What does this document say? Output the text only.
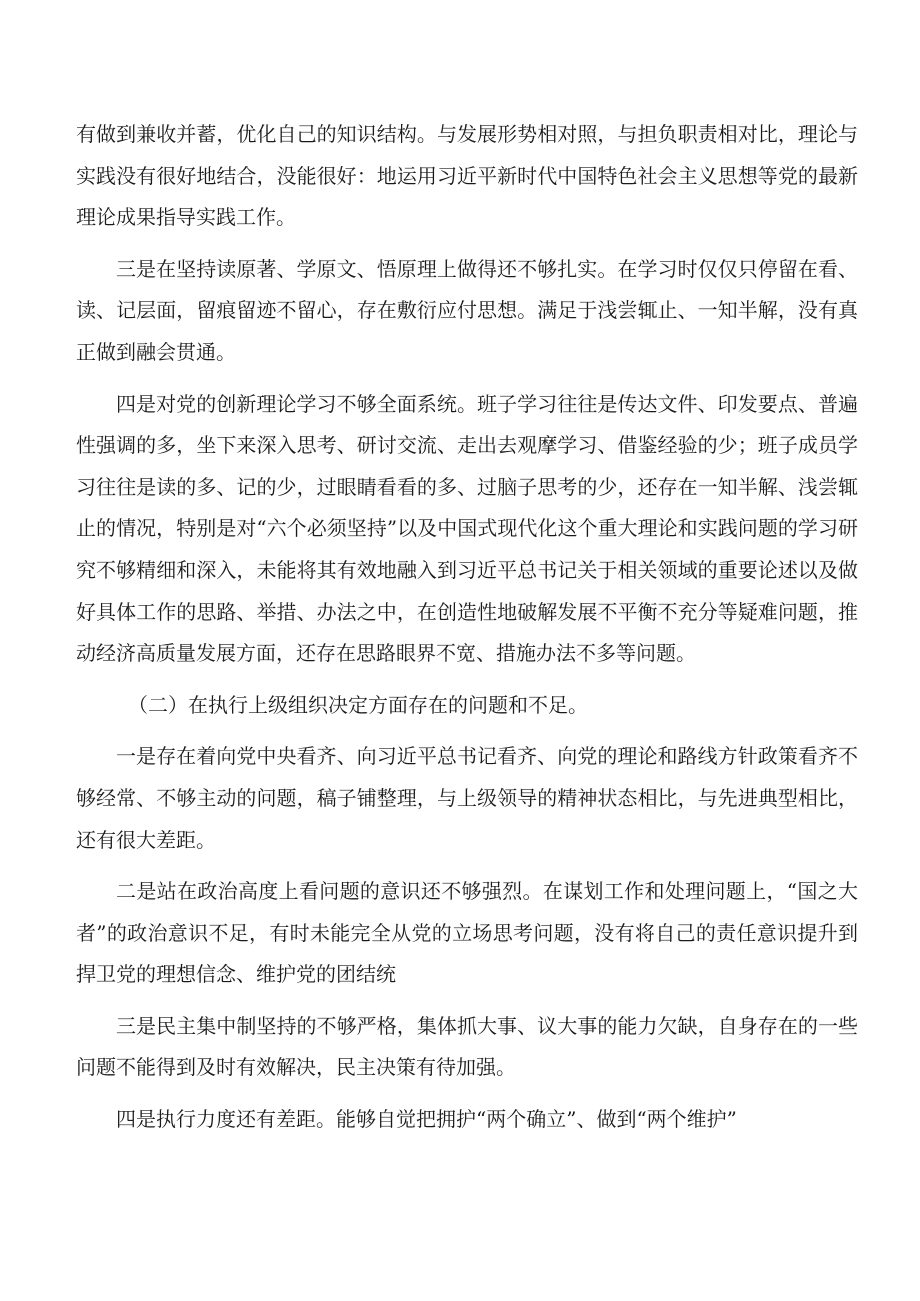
有做到兼收并蓄，优化自己的知识结构。与发展形势相对照，与担负职责相对比，理论与实践没有很好地结合，没能很好：地运用习近平新时代中国特色社会主义思想等党的最新理论成果指导实践工作。

三是在坚持读原著、学原文、悟原理上做得还不够扎实。在学习时仅仅只停留在看、读、记层面，留痕留迹不留心，存在敷衍应付思想。满足于浅尝辄止、一知半解，没有真正做到融会贯通。

四是对党的创新理论学习不够全面系统。班子学习往往是传达文件、印发要点、普遍性强调的多，坐下来深入思考、研讨交流、走出去观摩学习、借鉴经验的少；班子成员学习往往是读的多、记的少，过眼睛看看的多、过脑子思考的少，还存在一知半解、浅尝辄止的情况，特别是对“六个必须坚持”以及中国式现代化这个重大理论和实践问题的学习研究不够精细和深入，未能将其有效地融入到习近平总书记关于相关领域的重要论述以及做好具体工作的思路、举措、办法之中，在创造性地破解发展不平衡不充分等疑难问题，推动经济高质量发展方面，还存在思路眼界不宽、措施办法不多等问题。

（二）在执行上级组织决定方面存在的问题和不足。

一是存在着向党中央看齐、向习近平总书记看齐、向党的理论和路线方针政策看齐不够经常、不够主动的问题，稿子铺整理，与上级领导的精神状态相比，与先进典型相比，还有很大差距。

二是站在政治高度上看问题的意识还不够强烈。在谋划工作和处理问题上，“国之大者”的政治意识不足，有时未能完全从党的立场思考问题，没有将自己的责任意识提升到捍卫党的理想信念、维护党的团结统

三是民主集中制坚持的不够严格，集体抓大事、议大事的能力欠缺，自身存在的一些问题不能得到及时有效解决，民主决策有待加强。

四是执行力度还有差距。能够自觉把拥护“两个确立”、做到“两个维护”
